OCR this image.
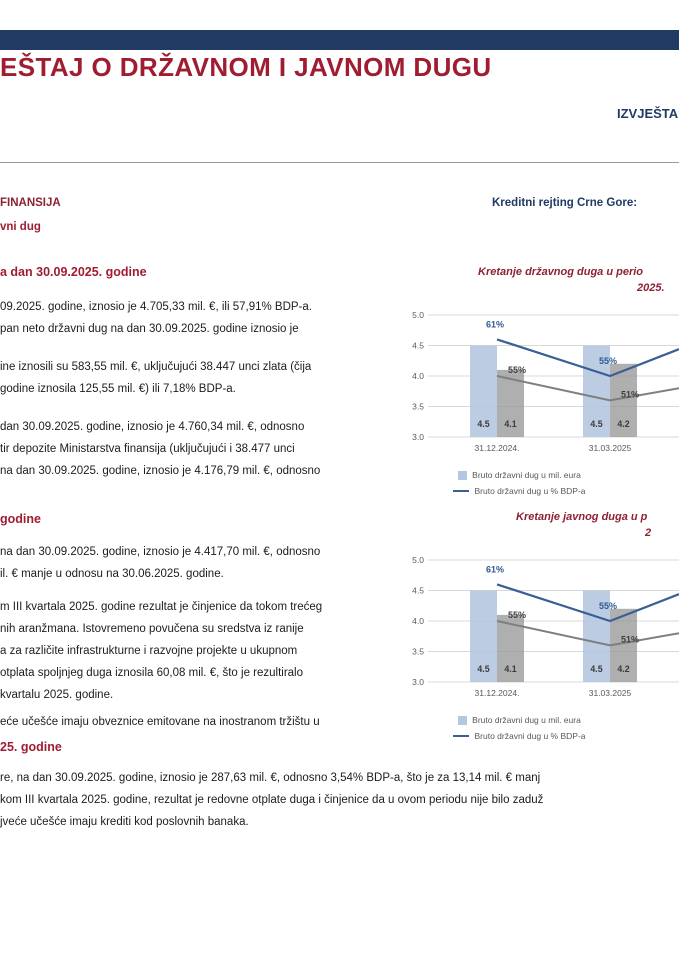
EŠTAJ O DRŽAVNOM I JAVNOM DUGU
IZVJEŠTA
FINANSIJA
vni dug
Kreditni rejting Crne Gore:
a dan 30.09.2025. godine
09.2025. godine, iznosio je 4.705,33 mil. €, ili 57,91% BDP-a.
pan neto državni dug na dan 30.09.2025. godine iznosio je
ine iznosili su 583,55 mil. €, uključujući 38.447 unci zlata (čija
godine iznosila 125,55 mil. €) ili 7,18% BDP-a.
dan 30.09.2025. godine, iznosio je 4.760,34 mil. €, odnosno
tir depozite Ministarstva finansija (uključujući i 38.477 unci
na dan 30.09.2025. godine, iznosio je 4.176,79 mil. €, odnosno
godine
na dan 30.09.2025. godine, iznosio je 4.417,70 mil. €, odnosno
il. € manje u odnosu na 30.06.2025. godine.
m III kvartala 2025. godine rezultat je činjenice da tokom trećeg
nih aranžmana. Istovremeno povučena su sredstva iz ranije
a za različite infrastrukturne i razvojne projekte u ukupnom
otplata spoljnjeg duga iznosila 60,08 mil. €, što je rezultiralo
kvartalu 2025. godine.
eće učešće imaju obveznice emitovane na inostranom tržištu u
25. godine
re, na dan 30.09.2025. godine, iznosio je 287,63 mil. €, odnosno 3,54% BDP-a, što je za 13,14 mil. € manj
kom III kvartala 2025. godine, rezultat je redovne otplate duga i činjenice da u ovom periodu nije bilo zaduž
jveće učešće imaju krediti kod poslovnih banaka.
Kretanje državnog duga u perio
2025.
5.0
4.5
4.0
3.5
3.0
4.5 4.1
31.12.2024.
4.5 4.2
31.03.2025
61%
55%
55%
51%
Bruto državni dug u mil. eura
Bruto državni dug u % BDP-a
Kretanje javnog duga u p
2
5.0
4.5
4.0
3.5
3.0
4.5 4.1
31.12.2024.
4.5 4.2
31.03.2025
61%
55%
55%
51%
Bruto državni dug u mil. eura
Bruto državni dug u % BDP-a
